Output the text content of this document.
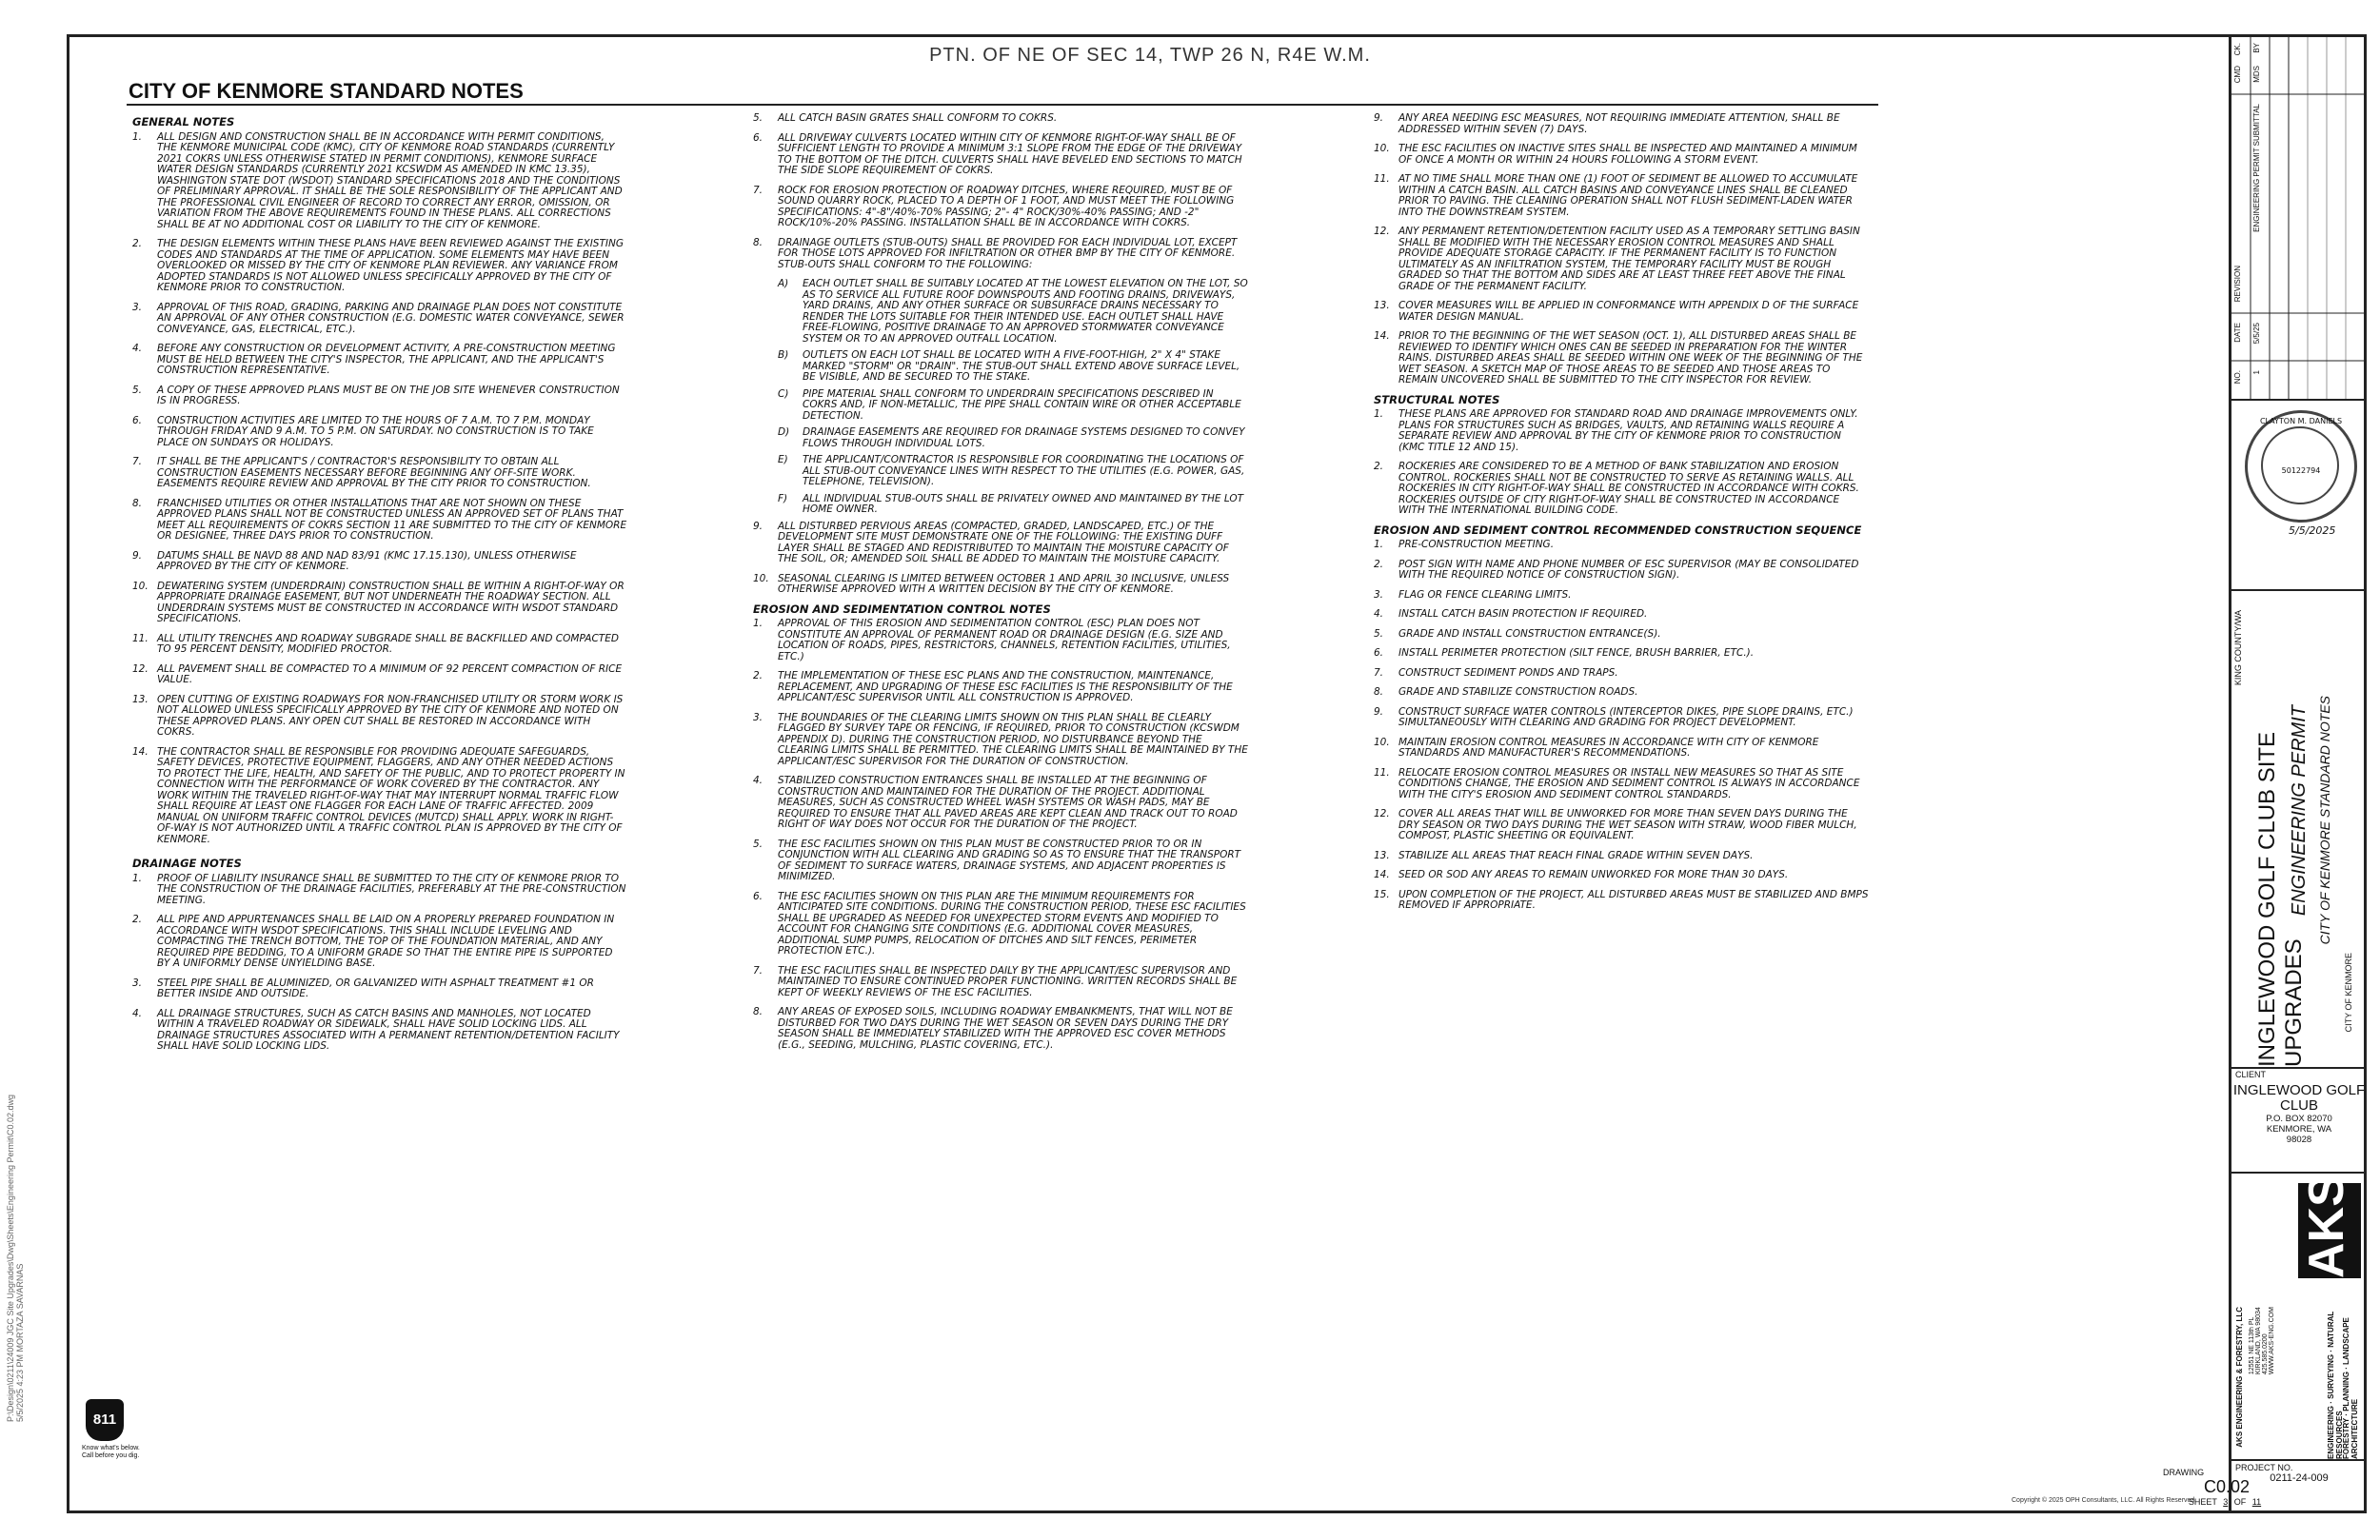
PTN. OF NE OF SEC 14, TWP 26 N, R4E W.M.
CITY OF KENMORE STANDARD NOTES
GENERAL NOTES
1.	ALL DESIGN AND CONSTRUCTION SHALL BE IN ACCORDANCE WITH PERMIT CONDITIONS, THE KENMORE MUNICIPAL CODE (KMC), CITY OF KENMORE ROAD STANDARDS (CURRENTLY 2021 COKRS UNLESS OTHERWISE STATED IN PERMIT CONDITIONS), KENMORE SURFACE WATER DESIGN STANDARDS (CURRENTLY 2021 KCSWDM AS AMENDED IN KMC 13.35), WASHINGTON STATE DOT (WSDOT) STANDARD SPECIFICATIONS 2018 AND THE CONDITIONS OF PRELIMINARY APPROVAL. IT SHALL BE THE SOLE RESPONSIBILITY OF THE APPLICANT AND THE PROFESSIONAL CIVIL ENGINEER OF RECORD TO CORRECT ANY ERROR, OMISSION, OR VARIATION FROM THE ABOVE REQUIREMENTS FOUND IN THESE PLANS. ALL CORRECTIONS SHALL BE AT NO ADDITIONAL COST OR LIABILITY TO THE CITY OF KENMORE.
2.	THE DESIGN ELEMENTS WITHIN THESE PLANS HAVE BEEN REVIEWED AGAINST THE EXISTING CODES AND STANDARDS AT THE TIME OF APPLICATION. SOME ELEMENTS MAY HAVE BEEN OVERLOOKED OR MISSED BY THE CITY OF KENMORE PLAN REVIEWER. ANY VARIANCE FROM ADOPTED STANDARDS IS NOT ALLOWED UNLESS SPECIFICALLY APPROVED BY THE CITY OF KENMORE PRIOR TO CONSTRUCTION.
3.	APPROVAL OF THIS ROAD, GRADING, PARKING AND DRAINAGE PLAN DOES NOT CONSTITUTE AN APPROVAL OF ANY OTHER CONSTRUCTION (E.G. DOMESTIC WATER CONVEYANCE, SEWER CONVEYANCE, GAS, ELECTRICAL, ETC.).
4.	BEFORE ANY CONSTRUCTION OR DEVELOPMENT ACTIVITY, A PRE-CONSTRUCTION MEETING MUST BE HELD BETWEEN THE CITY'S INSPECTOR, THE APPLICANT, AND THE APPLICANT'S CONSTRUCTION REPRESENTATIVE.
5.	A COPY OF THESE APPROVED PLANS MUST BE ON THE JOB SITE WHENEVER CONSTRUCTION IS IN PROGRESS.
6.	CONSTRUCTION ACTIVITIES ARE LIMITED TO THE HOURS OF 7 A.M. TO 7 P.M. MONDAY THROUGH FRIDAY AND 9 A.M. TO 5 P.M. ON SATURDAY. NO CONSTRUCTION IS TO TAKE PLACE ON SUNDAYS OR HOLIDAYS.
7.	IT SHALL BE THE APPLICANT'S / CONTRACTOR'S RESPONSIBILITY TO OBTAIN ALL CONSTRUCTION EASEMENTS NECESSARY BEFORE BEGINNING ANY OFF-SITE WORK. EASEMENTS REQUIRE REVIEW AND APPROVAL BY THE CITY PRIOR TO CONSTRUCTION.
8.	FRANCHISED UTILITIES OR OTHER INSTALLATIONS THAT ARE NOT SHOWN ON THESE APPROVED PLANS SHALL NOT BE CONSTRUCTED UNLESS AN APPROVED SET OF PLANS THAT MEET ALL REQUIREMENTS OF COKRS SECTION 11 ARE SUBMITTED TO THE CITY OF KENMORE OR DESIGNEE, THREE DAYS PRIOR TO CONSTRUCTION.
9.	DATUMS SHALL BE NAVD 88 AND NAD 83/91 (KMC 17.15.130), UNLESS OTHERWISE APPROVED BY THE CITY OF KENMORE.
10. DEWATERING SYSTEM (UNDERDRAIN) CONSTRUCTION SHALL BE WITHIN A RIGHT-OF-WAY OR APPROPRIATE DRAINAGE EASEMENT, BUT NOT UNDERNEATH THE ROADWAY SECTION. ALL UNDERDRAIN SYSTEMS MUST BE CONSTRUCTED IN ACCORDANCE WITH WSDOT STANDARD SPECIFICATIONS.
11. ALL UTILITY TRENCHES AND ROADWAY SUBGRADE SHALL BE BACKFILLED AND COMPACTED TO 95 PERCENT DENSITY, MODIFIED PROCTOR.
12. ALL PAVEMENT SHALL BE COMPACTED TO A MINIMUM OF 92 PERCENT COMPACTION OF RICE VALUE.
13. OPEN CUTTING OF EXISTING ROADWAYS FOR NON-FRANCHISED UTILITY OR STORM WORK IS NOT ALLOWED UNLESS SPECIFICALLY APPROVED BY THE CITY OF KENMORE AND NOTED ON THESE APPROVED PLANS. ANY OPEN CUT SHALL BE RESTORED IN ACCORDANCE WITH COKRS.
14. THE CONTRACTOR SHALL BE RESPONSIBLE FOR PROVIDING ADEQUATE SAFEGUARDS, SAFETY DEVICES, PROTECTIVE EQUIPMENT, FLAGGERS, AND ANY OTHER NEEDED ACTIONS TO PROTECT THE LIFE, HEALTH, AND SAFETY OF THE PUBLIC, AND TO PROTECT PROPERTY IN CONNECTION WITH THE PERFORMANCE OF WORK COVERED BY THE CONTRACTOR. ANY WORK WITHIN THE TRAVELED RIGHT-OF-WAY THAT MAY INTERRUPT NORMAL TRAFFIC FLOW SHALL REQUIRE AT LEAST ONE FLAGGER FOR EACH LANE OF TRAFFIC AFFECTED. 2009 MANUAL ON UNIFORM TRAFFIC CONTROL DEVICES (MUTCD) SHALL APPLY. WORK IN RIGHT-OF-WAY IS NOT AUTHORIZED UNTIL A TRAFFIC CONTROL PLAN IS APPROVED BY THE CITY OF KENMORE.
DRAINAGE NOTES
1.	PROOF OF LIABILITY INSURANCE SHALL BE SUBMITTED TO THE CITY OF KENMORE PRIOR TO THE CONSTRUCTION OF THE DRAINAGE FACILITIES, PREFERABLY AT THE PRE-CONSTRUCTION MEETING.
2.	ALL PIPE AND APPURTENANCES SHALL BE LAID ON A PROPERLY PREPARED FOUNDATION IN ACCORDANCE WITH WSDOT SPECIFICATIONS. THIS SHALL INCLUDE LEVELING AND COMPACTING THE TRENCH BOTTOM, THE TOP OF THE FOUNDATION MATERIAL, AND ANY REQUIRED PIPE BEDDING, TO A UNIFORM GRADE SO THAT THE ENTIRE PIPE IS SUPPORTED BY A UNIFORMLY DENSE UNYIELDING BASE.
3.	STEEL PIPE SHALL BE ALUMINIZED, OR GALVANIZED WITH ASPHALT TREATMENT #1 OR BETTER INSIDE AND OUTSIDE.
4.	ALL DRAINAGE STRUCTURES, SUCH AS CATCH BASINS AND MANHOLES, NOT LOCATED WITHIN A TRAVELED ROADWAY OR SIDEWALK, SHALL HAVE SOLID LOCKING LIDS. ALL DRAINAGE STRUCTURES ASSOCIATED WITH A PERMANENT RETENTION/DETENTION FACILITY SHALL HAVE SOLID LOCKING LIDS.
5.	ALL CATCH BASIN GRATES SHALL CONFORM TO COKRS.
6.	ALL DRIVEWAY CULVERTS LOCATED WITHIN CITY OF KENMORE RIGHT-OF-WAY SHALL BE OF SUFFICIENT LENGTH TO PROVIDE A MINIMUM 3:1 SLOPE FROM THE EDGE OF THE DRIVEWAY TO THE BOTTOM OF THE DITCH. CULVERTS SHALL HAVE BEVELED END SECTIONS TO MATCH THE SIDE SLOPE REQUIREMENT OF COKRS.
7.	ROCK FOR EROSION PROTECTION OF ROADWAY DITCHES, WHERE REQUIRED, MUST BE OF SOUND QUARRY ROCK, PLACED TO A DEPTH OF 1 FOOT, AND MUST MEET THE FOLLOWING SPECIFICATIONS: 4"-8"/40%-70% PASSING; 2"- 4" ROCK/30%-40% PASSING; AND -2" ROCK/10%-20% PASSING. INSTALLATION SHALL BE IN ACCORDANCE WITH COKRS.
8.	DRAINAGE OUTLETS (STUB-OUTS) SHALL BE PROVIDED FOR EACH INDIVIDUAL LOT, EXCEPT FOR THOSE LOTS APPROVED FOR INFILTRATION OR OTHER BMP BY THE CITY OF KENMORE. STUB-OUTS SHALL CONFORM TO THE FOLLOWING:
A)	EACH OUTLET SHALL BE SUITABLY LOCATED AT THE LOWEST ELEVATION ON THE LOT, SO AS TO SERVICE ALL FUTURE ROOF DOWNSPOUTS AND FOOTING DRAINS, DRIVEWAYS, YARD DRAINS, AND ANY OTHER SURFACE OR SUBSURFACE DRAINS NECESSARY TO RENDER THE LOTS SUITABLE FOR THEIR INTENDED USE. EACH OUTLET SHALL HAVE FREE-FLOWING, POSITIVE DRAINAGE TO AN APPROVED STORMWATER CONVEYANCE SYSTEM OR TO AN APPROVED OUTFALL LOCATION.
B)	OUTLETS ON EACH LOT SHALL BE LOCATED WITH A FIVE-FOOT-HIGH, 2" X 4" STAKE MARKED "STORM" OR "DRAIN". THE STUB-OUT SHALL EXTEND ABOVE SURFACE LEVEL, BE VISIBLE, AND BE SECURED TO THE STAKE.
C)	PIPE MATERIAL SHALL CONFORM TO UNDERDRAIN SPECIFICATIONS DESCRIBED IN COKRS AND, IF NON-METALLIC, THE PIPE SHALL CONTAIN WIRE OR OTHER ACCEPTABLE DETECTION.
D)	DRAINAGE EASEMENTS ARE REQUIRED FOR DRAINAGE SYSTEMS DESIGNED TO CONVEY FLOWS THROUGH INDIVIDUAL LOTS.
E)	THE APPLICANT/CONTRACTOR IS RESPONSIBLE FOR COORDINATING THE LOCATIONS OF ALL STUB-OUT CONVEYANCE LINES WITH RESPECT TO THE UTILITIES (E.G. POWER, GAS, TELEPHONE, TELEVISION).
F)	ALL INDIVIDUAL STUB-OUTS SHALL BE PRIVATELY OWNED AND MAINTAINED BY THE LOT HOME OWNER.
9.	ALL DISTURBED PERVIOUS AREAS (COMPACTED, GRADED, LANDSCAPED, ETC.) OF THE DEVELOPMENT SITE MUST DEMONSTRATE ONE OF THE FOLLOWING: THE EXISTING DUFF LAYER SHALL BE STAGED AND REDISTRIBUTED TO MAINTAIN THE MOISTURE CAPACITY OF THE SOIL, OR; AMENDED SOIL SHALL BE ADDED TO MAINTAIN THE MOISTURE CAPACITY.
10. SEASONAL CLEARING IS LIMITED BETWEEN OCTOBER 1 AND APRIL 30 INCLUSIVE, UNLESS OTHERWISE APPROVED WITH A WRITTEN DECISION BY THE CITY OF KENMORE.
EROSION AND SEDIMENTATION CONTROL NOTES
1.	APPROVAL OF THIS EROSION AND SEDIMENTATION CONTROL (ESC) PLAN DOES NOT CONSTITUTE AN APPROVAL OF PERMANENT ROAD OR DRAINAGE DESIGN (E.G. SIZE AND LOCATION OF ROADS, PIPES, RESTRICTORS, CHANNELS, RETENTION FACILITIES, UTILITIES, ETC.)
2.	THE IMPLEMENTATION OF THESE ESC PLANS AND THE CONSTRUCTION, MAINTENANCE, REPLACEMENT, AND UPGRADING OF THESE ESC FACILITIES IS THE RESPONSIBILITY OF THE APPLICANT/ESC SUPERVISOR UNTIL ALL CONSTRUCTION IS APPROVED.
3.	THE BOUNDARIES OF THE CLEARING LIMITS SHOWN ON THIS PLAN SHALL BE CLEARLY FLAGGED BY SURVEY TAPE OR FENCING, IF REQUIRED, PRIOR TO CONSTRUCTION (KCSWDM APPENDIX D). DURING THE CONSTRUCTION PERIOD, NO DISTURBANCE BEYOND THE CLEARING LIMITS SHALL BE PERMITTED. THE CLEARING LIMITS SHALL BE MAINTAINED BY THE APPLICANT/ESC SUPERVISOR FOR THE DURATION OF CONSTRUCTION.
4.	STABILIZED CONSTRUCTION ENTRANCES SHALL BE INSTALLED AT THE BEGINNING OF CONSTRUCTION AND MAINTAINED FOR THE DURATION OF THE PROJECT. ADDITIONAL MEASURES, SUCH AS CONSTRUCTED WHEEL WASH SYSTEMS OR WASH PADS, MAY BE REQUIRED TO ENSURE THAT ALL PAVED AREAS ARE KEPT CLEAN AND TRACK OUT TO ROAD RIGHT OF WAY DOES NOT OCCUR FOR THE DURATION OF THE PROJECT.
5.	THE ESC FACILITIES SHOWN ON THIS PLAN MUST BE CONSTRUCTED PRIOR TO OR IN CONJUNCTION WITH ALL CLEARING AND GRADING SO AS TO ENSURE THAT THE TRANSPORT OF SEDIMENT TO SURFACE WATERS, DRAINAGE SYSTEMS, AND ADJACENT PROPERTIES IS MINIMIZED.
6.	THE ESC FACILITIES SHOWN ON THIS PLAN ARE THE MINIMUM REQUIREMENTS FOR ANTICIPATED SITE CONDITIONS. DURING THE CONSTRUCTION PERIOD, THESE ESC FACILITIES SHALL BE UPGRADED AS NEEDED FOR UNEXPECTED STORM EVENTS AND MODIFIED TO ACCOUNT FOR CHANGING SITE CONDITIONS (E.G. ADDITIONAL COVER MEASURES, ADDITIONAL SUMP PUMPS, RELOCATION OF DITCHES AND SILT FENCES, PERIMETER PROTECTION ETC.).
7.	THE ESC FACILITIES SHALL BE INSPECTED DAILY BY THE APPLICANT/ESC SUPERVISOR AND MAINTAINED TO ENSURE CONTINUED PROPER FUNCTIONING. WRITTEN RECORDS SHALL BE KEPT OF WEEKLY REVIEWS OF THE ESC FACILITIES.
8.	ANY AREAS OF EXPOSED SOILS, INCLUDING ROADWAY EMBANKMENTS, THAT WILL NOT BE DISTURBED FOR TWO DAYS DURING THE WET SEASON OR SEVEN DAYS DURING THE DRY SEASON SHALL BE IMMEDIATELY STABILIZED WITH THE APPROVED ESC COVER METHODS (E.G., SEEDING, MULCHING, PLASTIC COVERING, ETC.).
9.	ANY AREA NEEDING ESC MEASURES, NOT REQUIRING IMMEDIATE ATTENTION, SHALL BE ADDRESSED WITHIN SEVEN (7) DAYS.
10. THE ESC FACILITIES ON INACTIVE SITES SHALL BE INSPECTED AND MAINTAINED A MINIMUM OF ONCE A MONTH OR WITHIN 24 HOURS FOLLOWING A STORM EVENT.
11. AT NO TIME SHALL MORE THAN ONE (1) FOOT OF SEDIMENT BE ALLOWED TO ACCUMULATE WITHIN A CATCH BASIN. ALL CATCH BASINS AND CONVEYANCE LINES SHALL BE CLEANED PRIOR TO PAVING. THE CLEANING OPERATION SHALL NOT FLUSH SEDIMENT-LADEN WATER INTO THE DOWNSTREAM SYSTEM.
12. ANY PERMANENT RETENTION/DETENTION FACILITY USED AS A TEMPORARY SETTLING BASIN SHALL BE MODIFIED WITH THE NECESSARY EROSION CONTROL MEASURES AND SHALL PROVIDE ADEQUATE STORAGE CAPACITY. IF THE PERMANENT FACILITY IS TO FUNCTION ULTIMATELY AS AN INFILTRATION SYSTEM, THE TEMPORARY FACILITY MUST BE ROUGH GRADED SO THAT THE BOTTOM AND SIDES ARE AT LEAST THREE FEET ABOVE THE FINAL GRADE OF THE PERMANENT FACILITY.
13. COVER MEASURES WILL BE APPLIED IN CONFORMANCE WITH APPENDIX D OF THE SURFACE WATER DESIGN MANUAL.
14. PRIOR TO THE BEGINNING OF THE WET SEASON (OCT. 1), ALL DISTURBED AREAS SHALL BE REVIEWED TO IDENTIFY WHICH ONES CAN BE SEEDED IN PREPARATION FOR THE WINTER RAINS. DISTURBED AREAS SHALL BE SEEDED WITHIN ONE WEEK OF THE BEGINNING OF THE WET SEASON. A SKETCH MAP OF THOSE AREAS TO BE SEEDED AND THOSE AREAS TO REMAIN UNCOVERED SHALL BE SUBMITTED TO THE CITY INSPECTOR FOR REVIEW.
STRUCTURAL NOTES
1.	THESE PLANS ARE APPROVED FOR STANDARD ROAD AND DRAINAGE IMPROVEMENTS ONLY. PLANS FOR STRUCTURES SUCH AS BRIDGES, VAULTS, AND RETAINING WALLS REQUIRE A SEPARATE REVIEW AND APPROVAL BY THE CITY OF KENMORE PRIOR TO CONSTRUCTION (KMC TITLE 12 AND 15).
2.	ROCKERIES ARE CONSIDERED TO BE A METHOD OF BANK STABILIZATION AND EROSION CONTROL. ROCKERIES SHALL NOT BE CONSTRUCTED TO SERVE AS RETAINING WALLS. ALL ROCKERIES IN CITY RIGHT-OF-WAY SHALL BE CONSTRUCTED IN ACCORDANCE WITH COKRS. ROCKERIES OUTSIDE OF CITY RIGHT-OF-WAY SHALL BE CONSTRUCTED IN ACCORDANCE WITH THE INTERNATIONAL BUILDING CODE.
EROSION AND SEDIMENT CONTROL RECOMMENDED CONSTRUCTION SEQUENCE
1.	PRE-CONSTRUCTION MEETING.
2.	POST SIGN WITH NAME AND PHONE NUMBER OF ESC SUPERVISOR (MAY BE CONSOLIDATED WITH THE REQUIRED NOTICE OF CONSTRUCTION SIGN).
3.	FLAG OR FENCE CLEARING LIMITS.
4.	INSTALL CATCH BASIN PROTECTION IF REQUIRED.
5.	GRADE AND INSTALL CONSTRUCTION ENTRANCE(S).
6.	INSTALL PERIMETER PROTECTION (SILT FENCE, BRUSH BARRIER, ETC.).
7.	CONSTRUCT SEDIMENT PONDS AND TRAPS.
8.	GRADE AND STABILIZE CONSTRUCTION ROADS.
9.	CONSTRUCT SURFACE WATER CONTROLS (INTERCEPTOR DIKES, PIPE SLOPE DRAINS, ETC.) SIMULTANEOUSLY WITH CLEARING AND GRADING FOR PROJECT DEVELOPMENT.
10. MAINTAIN EROSION CONTROL MEASURES IN ACCORDANCE WITH CITY OF KENMORE STANDARDS AND MANUFACTURER'S RECOMMENDATIONS.
11. RELOCATE EROSION CONTROL MEASURES OR INSTALL NEW MEASURES SO THAT AS SITE CONDITIONS CHANGE, THE EROSION AND SEDIMENT CONTROL IS ALWAYS IN ACCORDANCE WITH THE CITY'S EROSION AND SEDIMENT CONTROL STANDARDS.
12. COVER ALL AREAS THAT WILL BE UNWORKED FOR MORE THAN SEVEN DAYS DURING THE DRY SEASON OR TWO DAYS DURING THE WET SEASON WITH STRAW, WOOD FIBER MULCH, COMPOST, PLASTIC SHEETING OR EQUIVALENT.
13. STABILIZE ALL AREAS THAT REACH FINAL GRADE WITHIN SEVEN DAYS.
14. SEED OR SOD ANY AREAS TO REMAIN UNWORKED FOR MORE THAN 30 DAYS.
15. UPON COMPLETION OF THE PROJECT, ALL DISTURBED AREAS MUST BE STABILIZED AND BMPS REMOVED IF APPROPRIATE.
Copyright © 2025 OPH Consultants, LLC. All Rights Reserved.
CK.
CMD
BY
MDS
ENGINEERING PERMIT SUBMITTAL
REVISION
5/5/25
DATE
1
NO.
CLAYTON M. DANIELS
50122794
5/5/2025
KING COUNTY/WA
INGLEWOOD GOLF CLUB SITE UPGRADES
ENGINEERING PERMIT CITY OF KENMORE STANDARD NOTES
CITY OF KENMORE
CLIENT
INGLEWOOD GOLF CLUB
P.O. BOX 82070
KENMORE, WA
98028
AKS
AKS ENGINEERING & FORESTRY, LLC 12551 NE 113th PL
KIRKLAND, WA 98034
425.585.0200
WWW.AKS-ENG.COM	ENGINEERING · SURVEYING · NATURAL RESOURCES
FORESTRY · PLANNING · LANDSCAPE ARCHITECTURE
PROJECT NO.
0211-24-009
DRAWING
C0.02
SHEET 3 OF 11
P:\Design\0211\24009 JGC Site Upgrades\Dwg\Sheets\Engineering Permit\C0.02.dwg
5/5/2025 4:23 PM MORTAZA SAVARNAS
811
Know what's below.
Call before you dig.
